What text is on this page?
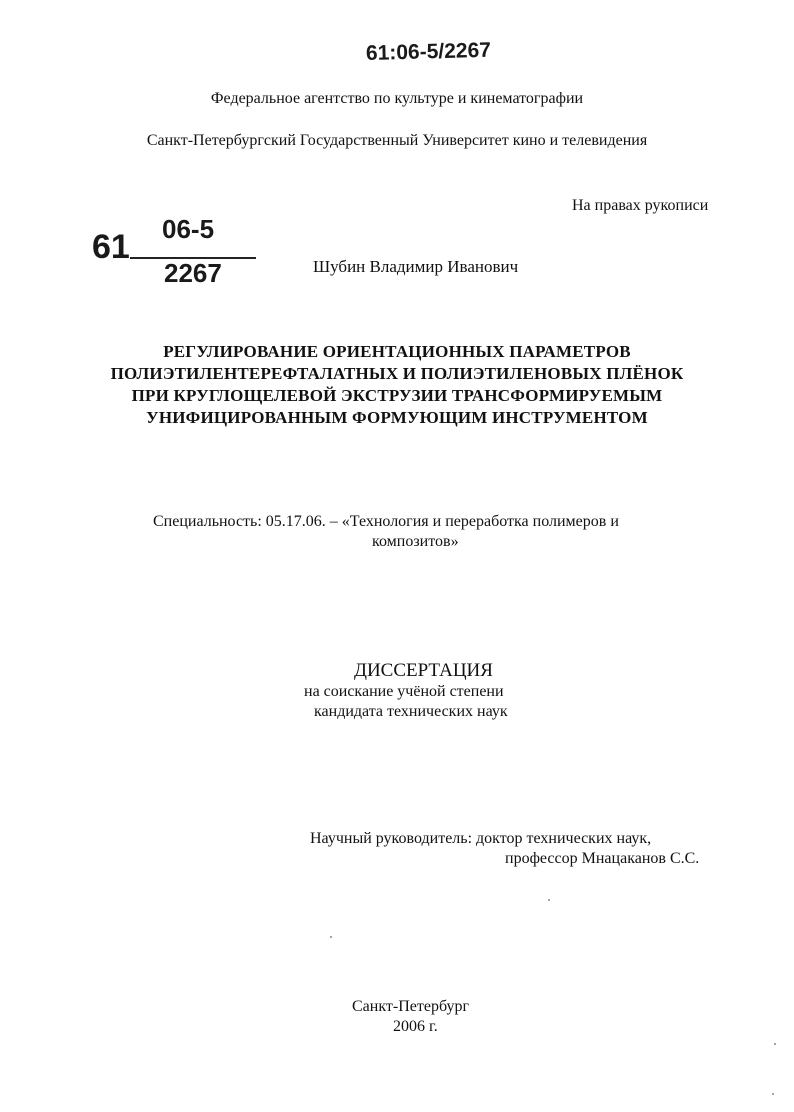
61:06-5/2267
Федеральное агентство по культуре и кинематографии
Санкт-Петербургский Государственный Университет кино и телевидения
На правах рукописи
61 06-5
2267	Шубин Владимир Иванович
РЕГУЛИРОВАНИЕ ОРИЕНТАЦИОННЫХ ПАРАМЕТРОВ
ПОЛИЭТИЛЕНТЕРЕФТАЛАТНЫХ И ПОЛИЭТИЛЕНОВЫХ ПЛЁНОК
ПРИ КРУГЛОЩЕЛЕВОЙ ЭКСТРУЗИИ ТРАНСФОРМИРУЕМЫМ
УНИФИЦИРОВАННЫМ ФОРМУЮЩИМ ИНСТРУМЕНТОМ
Специальность: 05.17.06. – «Технология и переработка полимеров и
композитов»
ДИССЕРТАЦИЯ
на соискание учёной степени
кандидата технических наук
Научный руководитель: доктор технических наук,
профессор Мнацаканов С.С.
Санкт-Петербург
2006 г.
